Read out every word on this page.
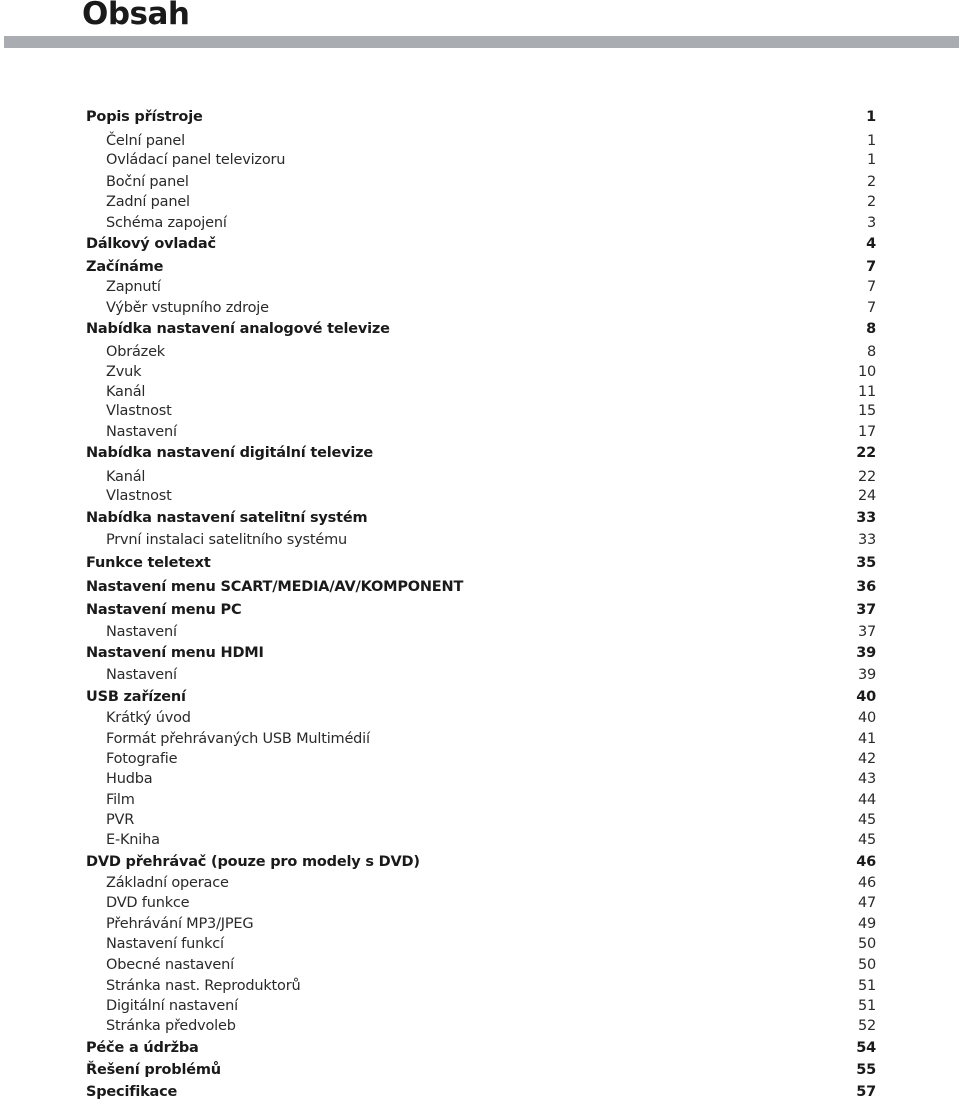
Obsah
Popis přístroje	1
Čelní panel	1
Ovládací panel televizoru	1
Boční panel	2
Zadní panel	2
Schéma zapojení	3
Dálkový ovladač	4
Začínáme	7
Zapnutí	7
Výběr vstupního zdroje	7
Nabídka nastavení analogové televize	8
Obrázek	8
Zvuk	10
Kanál	11
Vlastnost	15
Nastavení	17
Nabídka nastavení digitální televize	22
Kanál	22
Vlastnost	24
Nabídka nastavení satelitní systém	33
První instalaci satelitního systému	33
Funkce teletext	35
Nastavení menu SCART/MEDIA/AV/KOMPONENT	36
Nastavení menu PC	37
Nastavení	37
Nastavení menu HDMI	39
Nastavení	39
USB zařízení	40
Krátký úvod	40
Formát přehrávaných USB Multimédií	41
Fotografie	42
Hudba	43
Film	44
PVR	45
E-Kniha	45
DVD přehrávač (pouze pro modely s DVD)	46
Základní operace	46
DVD funkce	47
Přehrávání MP3/JPEG	49
Nastavení funkcí	50
Obecné nastavení	50
Stránka nast. Reproduktorů	51
Digitální nastavení	51
Stránka předvoleb	52
Péče a údržba	54
Řešení problémů	55
Specifikace	57
